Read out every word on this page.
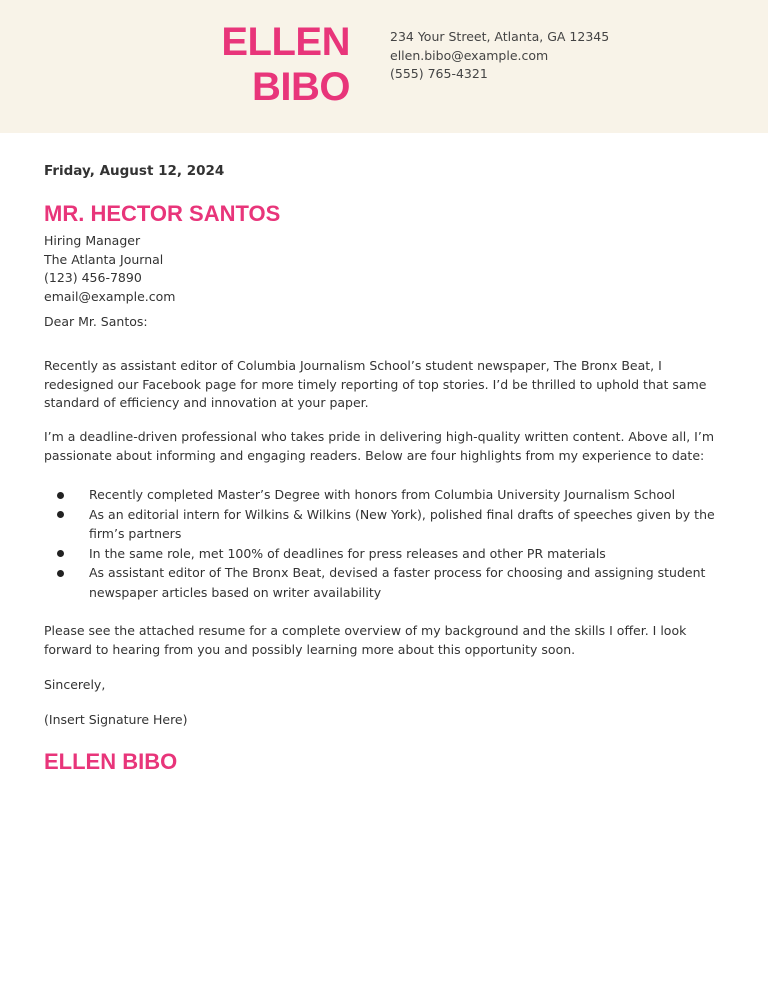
ELLEN
BIBO
234 Your Street, Atlanta, GA 12345
ellen.bibo@example.com
(555) 765-4321
Friday, August 12, 2024
MR. HECTOR SANTOS
Hiring Manager
The Atlanta Journal
(123) 456-7890
email@example.com

Dear Mr. Santos:

Recently as assistant editor of Columbia Journalism School’s student newspaper, The Bronx Beat, I redesigned our Facebook page for more timely reporting of top stories. I’d be thrilled to uphold that same standard of efficiency and innovation at your paper.

I’m a deadline-driven professional who takes pride in delivering high-quality written content. Above all, I’m passionate about informing and engaging readers. Below are four highlights from my experience to date:

Recently completed Master’s Degree with honors from Columbia University Journalism School
As an editorial intern for Wilkins & Wilkins (New York), polished final drafts of speeches given by the firm’s partners
In the same role, met 100% of deadlines for press releases and other PR materials
As assistant editor of The Bronx Beat, devised a faster process for choosing and assigning student newspaper articles based on writer availability

Please see the attached resume for a complete overview of my background and the skills I offer. I look forward to hearing from you and possibly learning more about this opportunity soon.

Sincerely,

(Insert Signature Here)

ELLEN BIBO
